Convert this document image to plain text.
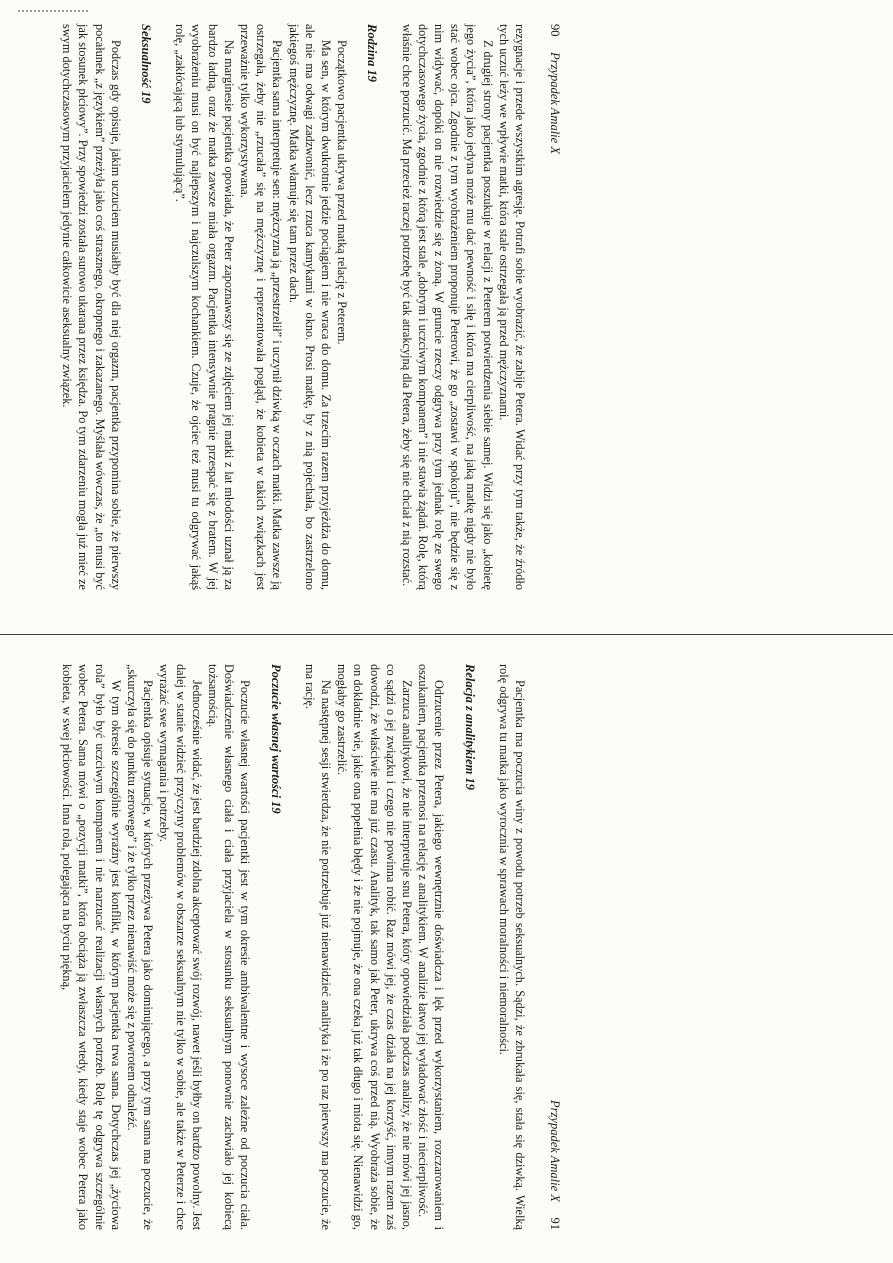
90     Przypadek Amalie X

rezygnacje i przede wszystkim agresję. Potrafi sobie wyobrazić, że zabije Petera. Widać przy tym także, że źródło tych uczuć leży we wpływie matki, która stale ostrzegała ją przed mężczyznami.

Z drugiej strony pacjentka poszukuje w relacji z Peterem potwierdzenia siebie samej. Widzi się jako „kobietę jego życia”, która jako jedyna może mu dać pewność i siłę i która ma cierpliwość, na jaką matkę nigdy nie było stać wobec ojca. Zgodnie z tym wyobrażeniem proponuje Peterowi, że go „zostawi w spokoju”, nie będzie się z nim widywać, dopóki on nie rozwiedzie się z żoną. W gruncie rzeczy odgrywa przy tym jednak rolę ze swego dotychczasowego życia, zgodnie z którą jest stale „dobrym i uczciwym kompanem” i nie stawia żądań. Rolę, którą właśnie chce porzucić. Ma przecież raczej potrzebę być tak atrakcyjną dla Petera, żeby się nie chciał z nią rozstać.

Rodzina 19

Początkowo pacjentka ukrywa przed matką relację z Peterem.

Ma sen, w którym dwukrotnie jedzie pociągiem i nie wraca do domu. Za trzecim razem przyjeżdża do domu, ale nie ma odwagi zadzwonić, lecz rzuca kamykami w okno. Prosi matkę, by z nią pojechała, bo zastrzelono jakiegoś mężczyznę. Matka włamuje się tam przez dach.

Pacjentka sama interpretuje sen: mężczyzna ją „przestrzelił” i uczynił dziwką w oczach matki. Matka zawsze ją ostrzegała, żeby nie „rzucała” się na mężczyznę i reprezentowała pogląd, że kobieta w takich związkach jest przeważnie tylko wykorzystywana.

Na marginesie pacjentka opowiada, że Peter zapoznawszy się ze zdjęciem jej matki z lat młodości uznał ją za bardzo ładną, oraz że matka zawsze miała orgazm. Pacjentka intensywnie pragnie przespać się z bratem. W jej wyobrażeniu musi on być najlepszym i najczulszym kochankiem. Czuje, że ojciec też musi tu odgrywać jakąś rolę, „zakłócającą lub stymulującą”.

Seksualność 19

Podczas gdy opisuje, jakim uczuciem musiałby być dla niej orgazm, pacjentka przypomina sobie, że pierwszy pocałunek „z językiem” przeżyła jako coś strasznego, okropnego i zakazanego. Myślała wówczas, że „to musi być jak stosunek płciowy”. Przy spowiedzi została surowo ukarana przez księdza. Po tym zdarzeniu mogła już mieć ze swym dotychczasowym przyjacielem jedynie całkowicie aseksualny związek.

Przypadek Amalie X     91

Pacjentka ma poczucia winy z powodu potrzeb seksualnych. Sądzi, że zbrukała się, stała się dziwką. Wielką rolę odgrywa tu matka jako wyrocznia w sprawach moralności i niemoralności.

Relacja z analitykiem 19

Odrzucenie przez Petera, jakiego wewnętrznie doświadcza i lęk przed wykorzystaniem, rozczarowaniem i oszukaniem, pacjentka przenosi na relację z analitykiem. W analizie łatwo jej wyładować złość i niecierpliwość.

Zarzuca analitykowi, że nie interpretuje snu Petera, który opowiedziała podczas analizy, że nie mówi jej jasno, co sądzi o jej związku i czego nie powinna robić. Raz mówi jej, że czas działa na jej korzyść, innym razem zaś dowodzi, że właściwie nie ma już czasu. Analityk, tak samo jak Peter, ukrywa coś przed nią. Wyobraża sobie, że on dokładnie wie, jakie ona popełnia błędy i że nie pojmuje, że ona czeka już tak długo i miota się. Nienawidzi go, mogłaby go zastrzelić.

Na następnej sesji stwierdza, że nie potrzebuje już nienawidzieć analityka i że po raz pierwszy ma poczucie, że ma rację.

Poczucie własnej wartości 19

Poczucie własnej wartości pacjentki jest w tym okresie ambiwalentne i wysoce zależne od poczucia ciała. Doświadczenie własnego ciała i ciała przyjaciela w stosunku seksualnym ponownie zachwiało jej kobiecą tożsamością.

Jednocześnie widać, że jest bardziej zdolna akceptować swój rozwój, nawet jeśli byłby on bardzo powolny. Jest dalej w stanie widzieć przyczyny problemów w obszarze seksualnym nie tylko w sobie, ale także w Peterze i chce wyrażać swe wymagania i potrzeby.

Pacjentka opisuje sytuacje, w których przeżywa Petera jako dominującego, a przy tym sama ma poczucie, że „skurczyła się do punktu zerowego” i że tylko przez nienawiść może się z powrotem odnaleźć.

W tym okresie szczególnie wyraźny jest konflikt, w którym pacjentka trwa sama. Dotychczas jej „życiowa rola” było być uczciwym kompanem i nie narzucać realizacji własnych potrzeb. Rolę tę odgrywa szczególnie wobec Petera. Sama mówi o „pozycji matki”, która obciąża ją zwłaszcza wtedy, kiedy staje wobec Petera jako kobieta, w swej płciowości. Inna rola, polegająca na byciu piękną,
